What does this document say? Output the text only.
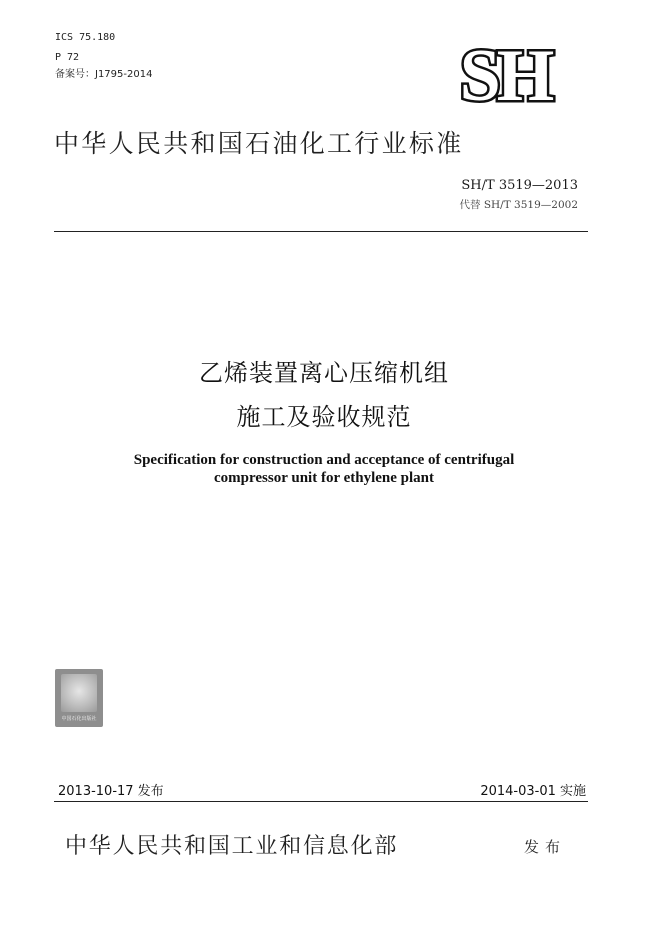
ICS 75.180
P 72
备案号：J1795-2014	SH
中华人民共和国石油化工行业标准
SH/T 3519—2013
代替 SH/T 3519—2002
乙烯装置离心压缩机组
施工及验收规范
Specification for construction and acceptance of centrifugal
compressor unit for ethylene plant
中国石化出版社
2013-10-17 发布	2014-03-01 实施
中华人民共和国工业和信息化部	发布
